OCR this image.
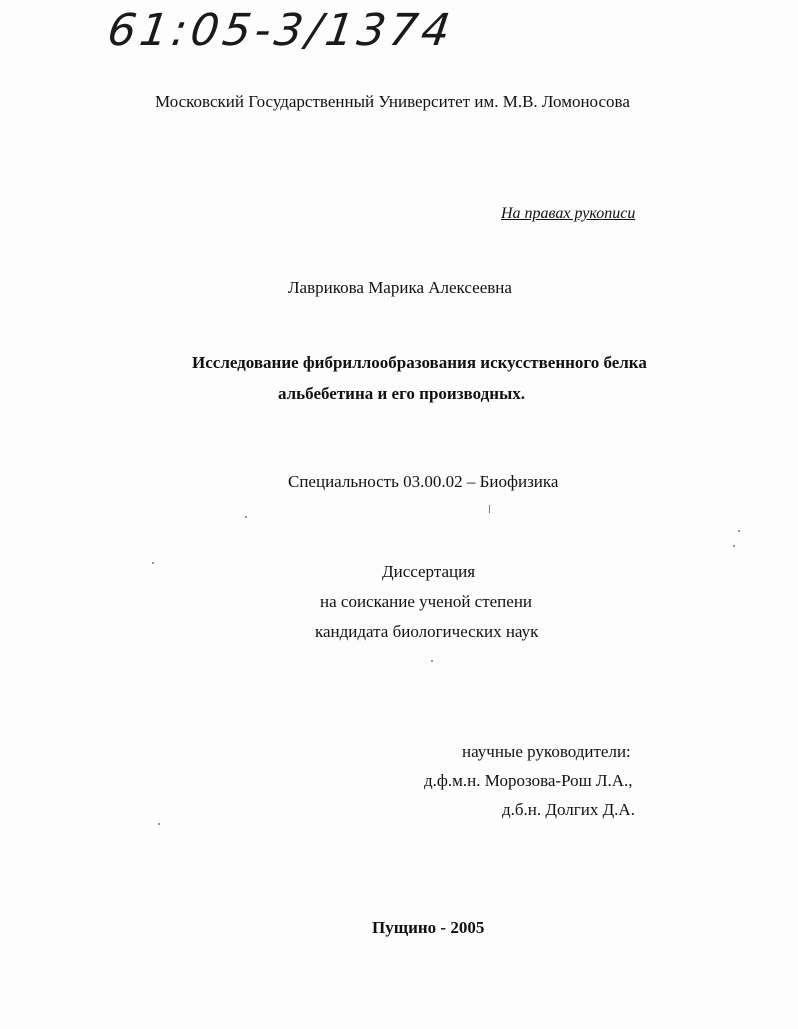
61:05-3/1374
Московский Государственный Университет им. М.В. Ломоносова
На правах рукописи
Лаврикова Марика Алексеевна
Исследование фибриллообразования искусственного белка
альбебетина и его производных.
Специальность 03.00.02 – Биофизика
Диссертация
на соискание ученой степени
кандидата биологических наук
научные руководители:
д.ф.м.н. Морозова-Рош Л.А.,
д.б.н. Долгих Д.А.
Пущино - 2005
